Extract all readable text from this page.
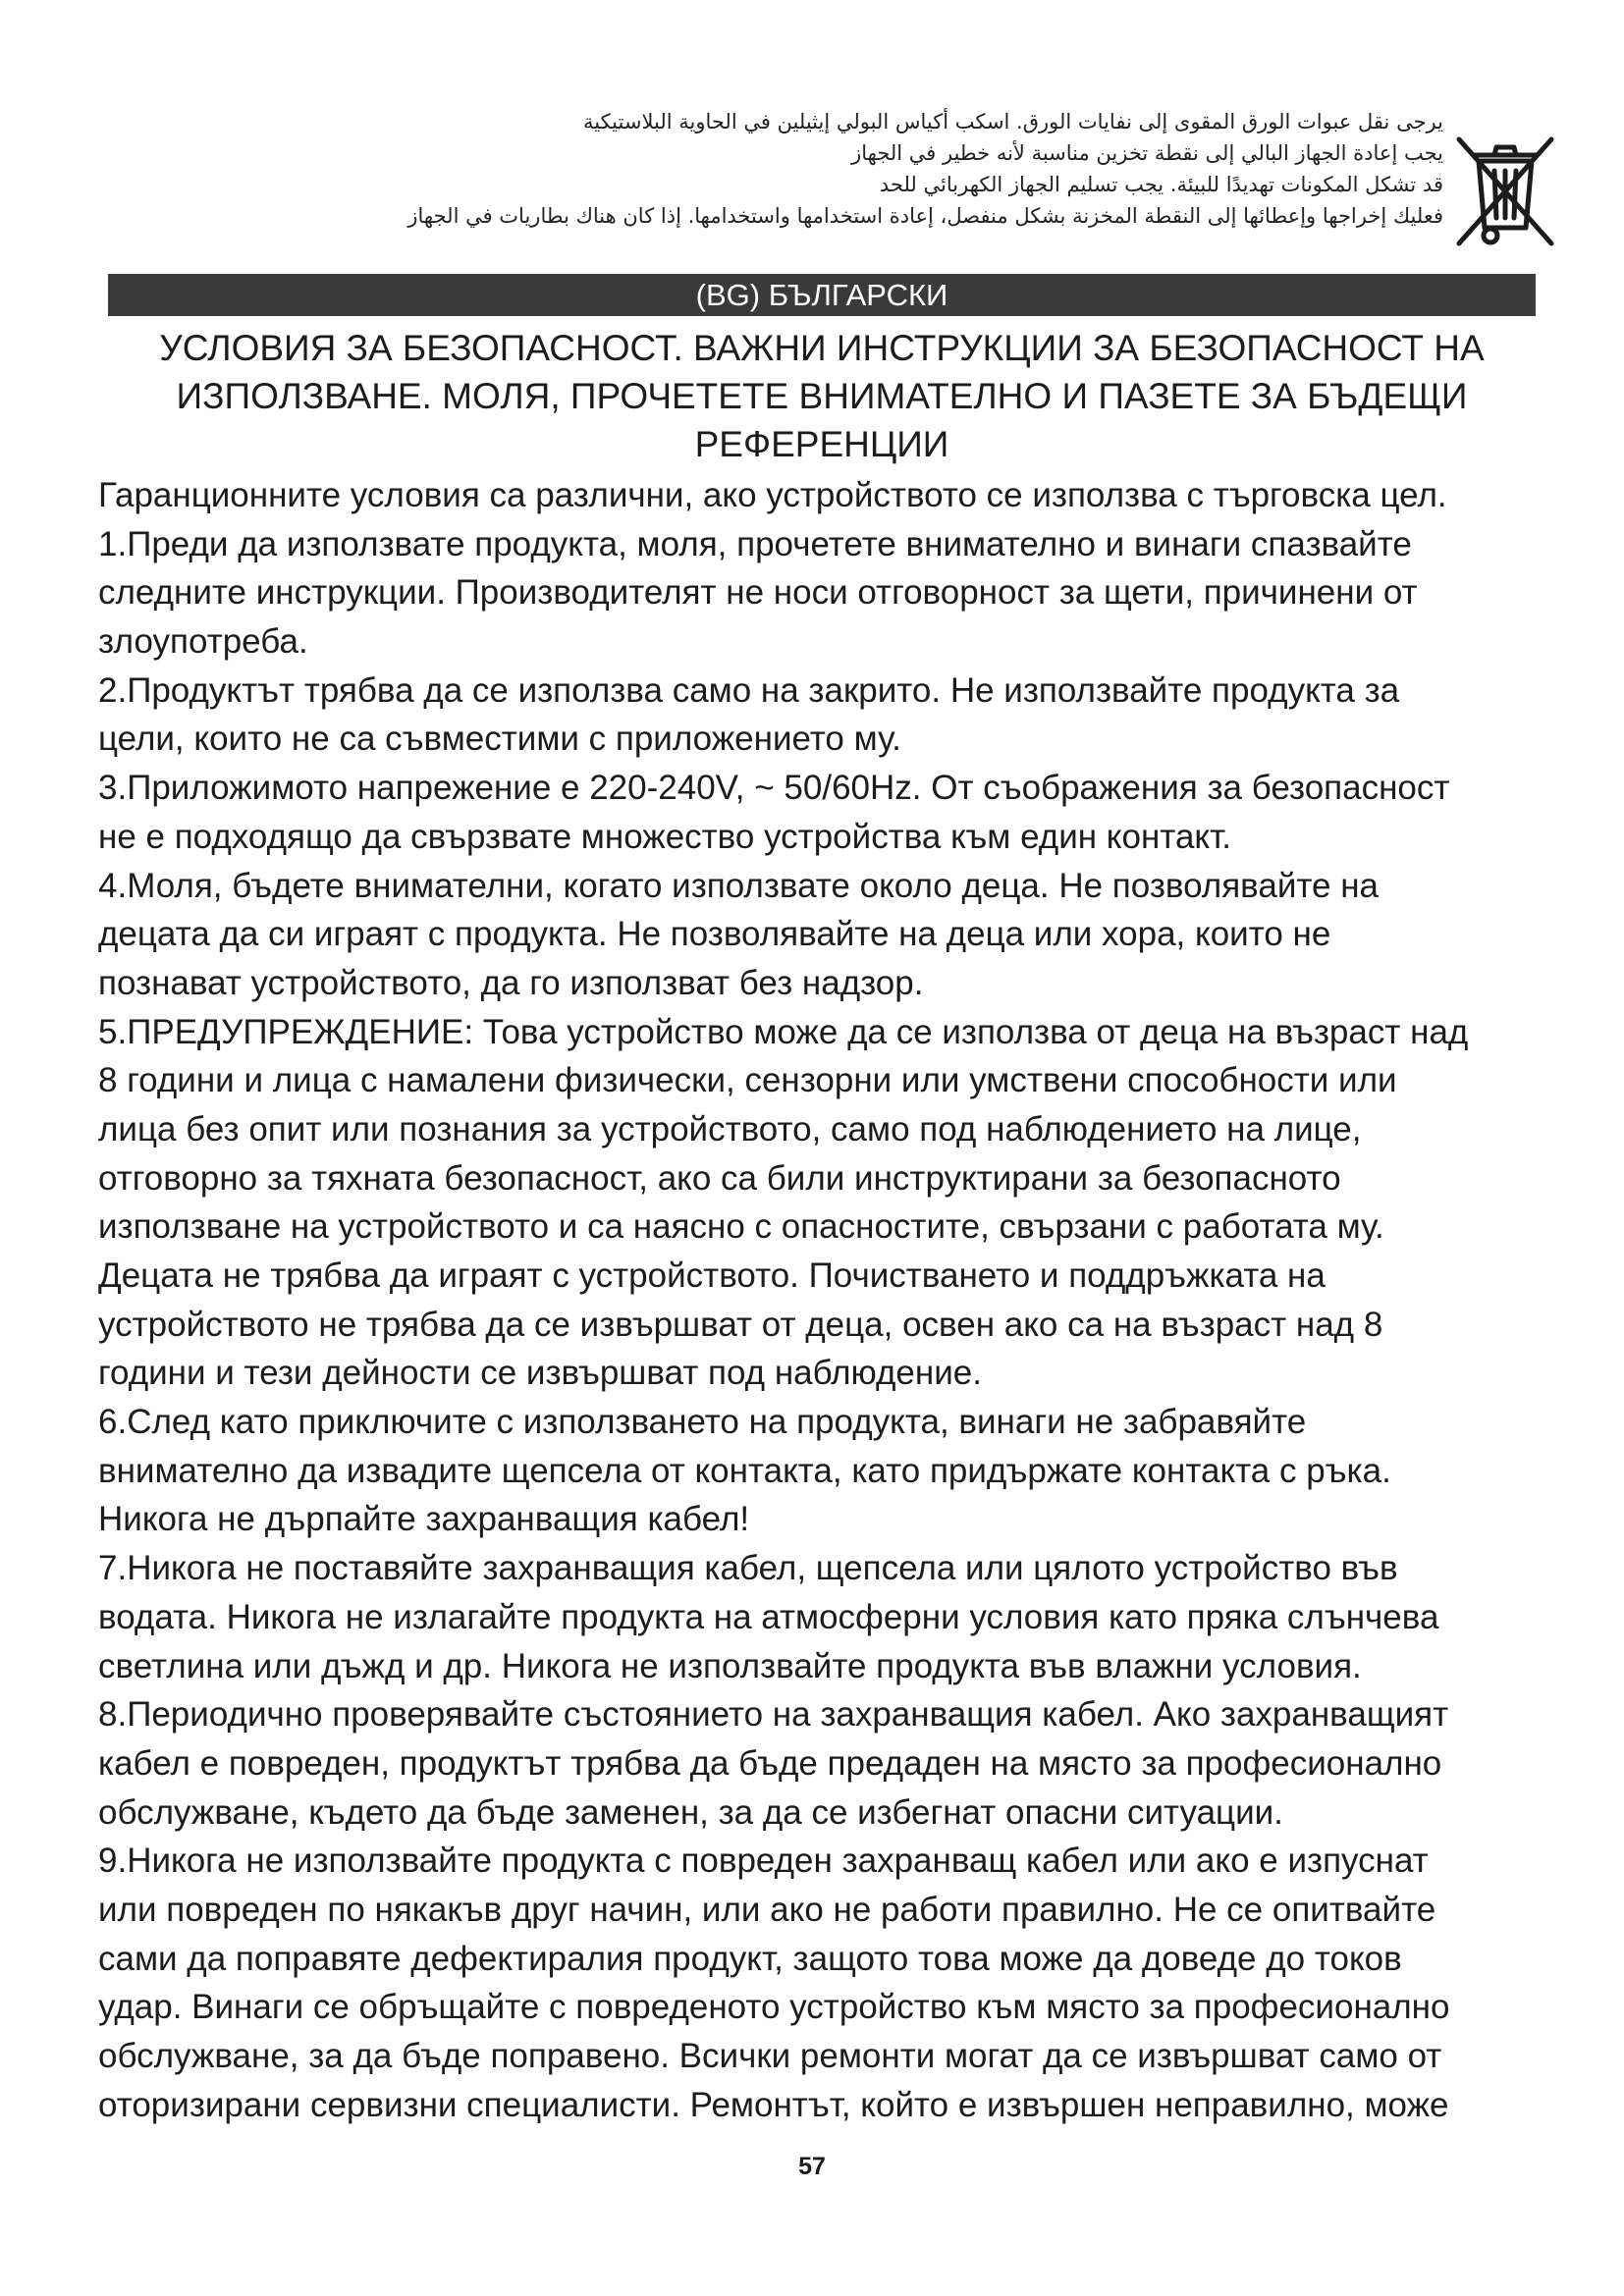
يرجى نقل عبوات الورق المقوى إلى نفايات الورق. اسكب أكياس البولي إيثيلين في الحاوية البلاستيكية
يجب إعادة الجهاز البالي إلى نقطة تخزين مناسبة لأنه خطير في الجهاز
قد تشكل المكونات تهديدًا للبيئة. يجب تسليم الجهاز الكهربائي للحد
فعليك إخراجها وإعطائها إلى النقطة المخزنة بشكل منفصل، إعادة استخدامها واستخدامها. إذا كان هناك بطاريات في الجهاز
(BG) БЪЛГАРСКИ
УСЛОВИЯ ЗА БЕЗОПАСНОСТ. ВАЖНИ ИНСТРУКЦИИ ЗА БЕЗОПАСНОСТ НА
ИЗПОЛЗВАНЕ. МОЛЯ, ПРОЧЕТЕТЕ ВНИМАТЕЛНО И ПАЗЕТЕ ЗА БЪДЕЩИ
РЕФЕРЕНЦИИ
Гаранционните условия са различни, ако устройството се използва с търговска цел.
1.Преди да използвате продукта, моля, прочетете внимателно и винаги спазвайте
следните инструкции. Производителят не носи отговорност за щети, причинени от
злоупотреба.
2.Продуктът трябва да се използва само на закрито. Не използвайте продукта за
цели, които не са съвместими с приложението му.
3.Приложимото напрежение е 220-240V, ~ 50/60Hz. От съображения за безопасност
не е подходящо да свързвате множество устройства към един контакт.
4.Моля, бъдете внимателни, когато използвате около деца. Не позволявайте на
децата да си играят с продукта. Не позволявайте на деца или хора, които не
познават устройството, да го използват без надзор.
5.ПРЕДУПРЕЖДЕНИЕ: Това устройство може да се използва от деца на възраст над
8 години и лица с намалени физически, сензорни или умствени способности или
лица без опит или познания за устройството, само под наблюдението на лице,
отговорно за тяхната безопасност, ако са били инструктирани за безопасното
използване на устройството и са наясно с опасностите, свързани с работата му.
Децата не трябва да играят с устройството. Почистването и поддръжката на
устройството не трябва да се извършват от деца, освен ако са на възраст над 8
години и тези дейности се извършват под наблюдение.
6.След като приключите с използването на продукта, винаги не забравяйте
внимателно да извадите щепсела от контакта, като придържате контакта с ръка.
Никога не дърпайте захранващия кабел!
7.Никога не поставяйте захранващия кабел, щепсела или цялото устройство във
водата. Никога не излагайте продукта на атмосферни условия като пряка слънчева
светлина или дъжд и др. Никога не използвайте продукта във влажни условия.
8.Периодично проверявайте състоянието на захранващия кабел. Ако захранващият
кабел е повреден, продуктът трябва да бъде предаден на място за професионално
обслужване, където да бъде заменен, за да се избегнат опасни ситуации.
9.Никога не използвайте продукта с повреден захранващ кабел или ако е изпуснат
или повреден по някакъв друг начин, или ако не работи правилно. Не се опитвайте
сами да поправяте дефектиралия продукт, защото това може да доведе до токов
удар. Винаги се обръщайте с повреденото устройство към място за професионално
обслужване, за да бъде поправено. Всички ремонти могат да се извършват само от
оторизирани сервизни специалисти. Ремонтът, който е извършен неправилно, може
57
